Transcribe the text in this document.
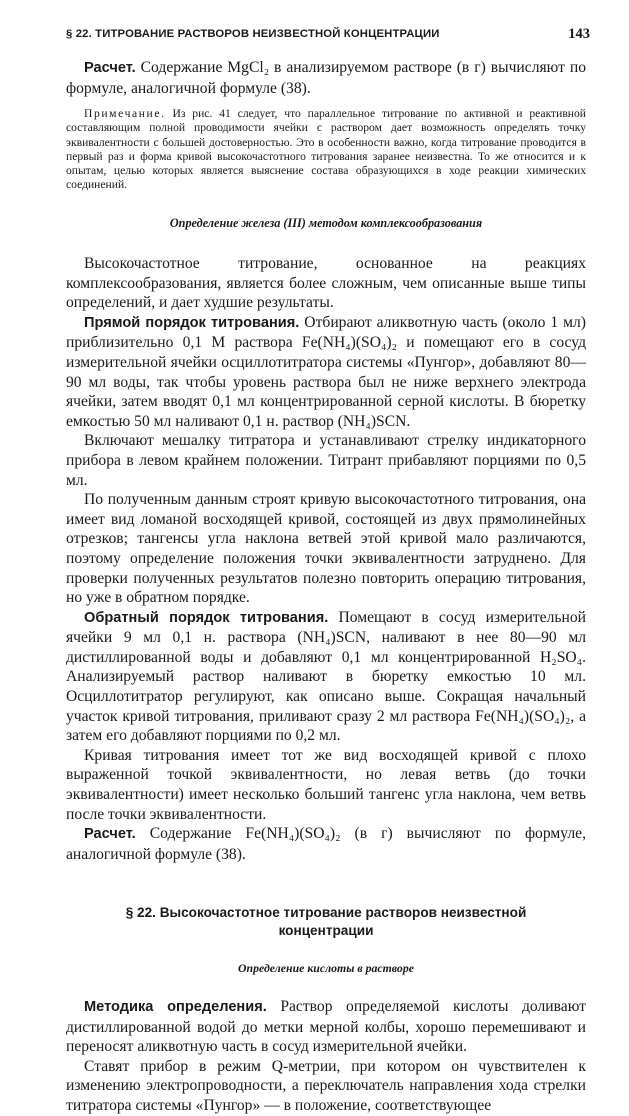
§ 22. ТИТРОВАНИЕ РАСТВОРОВ НЕИЗВЕСТНОЙ КОНЦЕНТРАЦИИ	143

Расчет. Содержание MgCl₂ в анализируемом растворе (в г) вычисляют по формуле, аналогичной формуле (38).

Примечание. Из рис. 41 следует, что параллельное титрование по активной и реактивной составляющим полной проводимости ячейки с раствором дает возможность определять точку эквивалентности с большей достоверностью. Это в особенности важно, когда титрование проводится в первый раз и форма кривой высокочастотного титрования заранее неизвестна. То же относится и к опытам, целью которых является выяснение состава образующихся в ходе реакции химических соединений.

Определение железа (III) методом комплексообразования

Высокочастотное титрование, основанное на реакциях комплексообразования, является более сложным, чем описанные выше типы определений, и дает худшие результаты.

Прямой порядок титрования. Отбирают аликвотную часть (около 1 мл) приблизительно 0,1 М раствора Fe(NH₄)(SO₄)₂ и помещают его в сосуд измерительной ячейки осциллотитратора системы «Пунгор», добавляют 80—90 мл воды, так чтобы уровень раствора был не ниже верхнего электрода ячейки, затем вводят 0,1 мл концентрированной серной кислоты. В бюретку емкостью 50 мл наливают 0,1 н. раствор (NH₄)SCN.

Включают мешалку титратора и устанавливают стрелку индикаторного прибора в левом крайнем положении. Титрант прибавляют порциями по 0,5 мл.

По полученным данным строят кривую высокочастотного титрования, она имеет вид ломаной восходящей кривой, состоящей из двух прямолинейных отрезков; тангенсы угла наклона ветвей этой кривой мало различаются, поэтому определение положения точки эквивалентности затруднено. Для проверки полученных результатов полезно повторить операцию титрования, но уже в обратном порядке.

Обратный порядок титрования. Помещают в сосуд измерительной ячейки 9 мл 0,1 н. раствора (NH₄)SCN, наливают в нее 80—90 мл дистиллированной воды и добавляют 0,1 мл концентрированной H₂SO₄. Анализируемый раствор наливают в бюретку емкостью 10 мл. Осциллотитратор регулируют, как описано выше. Сокращая начальный участок кривой титрования, приливают сразу 2 мл раствора Fe(NH₄)(SO₄)₂, а затем его добавляют порциями по 0,2 мл.

Кривая титрования имеет тот же вид восходящей кривой с плохо выраженной точкой эквивалентности, но левая ветвь (до точки эквивалентности) имеет несколько больший тангенс угла наклона, чем ветвь после точки эквивалентности.

Расчет. Содержание Fe(NH₄)(SO₄)₂ (в г) вычисляют по формуле, аналогичной формуле (38).

§ 22. Высокочастотное титрование растворов неизвестной концентрации

Определение кислоты в растворе

Методика определения. Раствор определяемой кислоты доливают дистиллированной водой до метки мерной колбы, хорошо перемешивают и переносят аликвотную часть в сосуд измерительной ячейки.

Ставят прибор в режим Q-метрии, при котором он чувствителен к изменению электропроводности, а переключатель направления хода стрелки титратора системы «Пунгор» — в положение, соответствующее
